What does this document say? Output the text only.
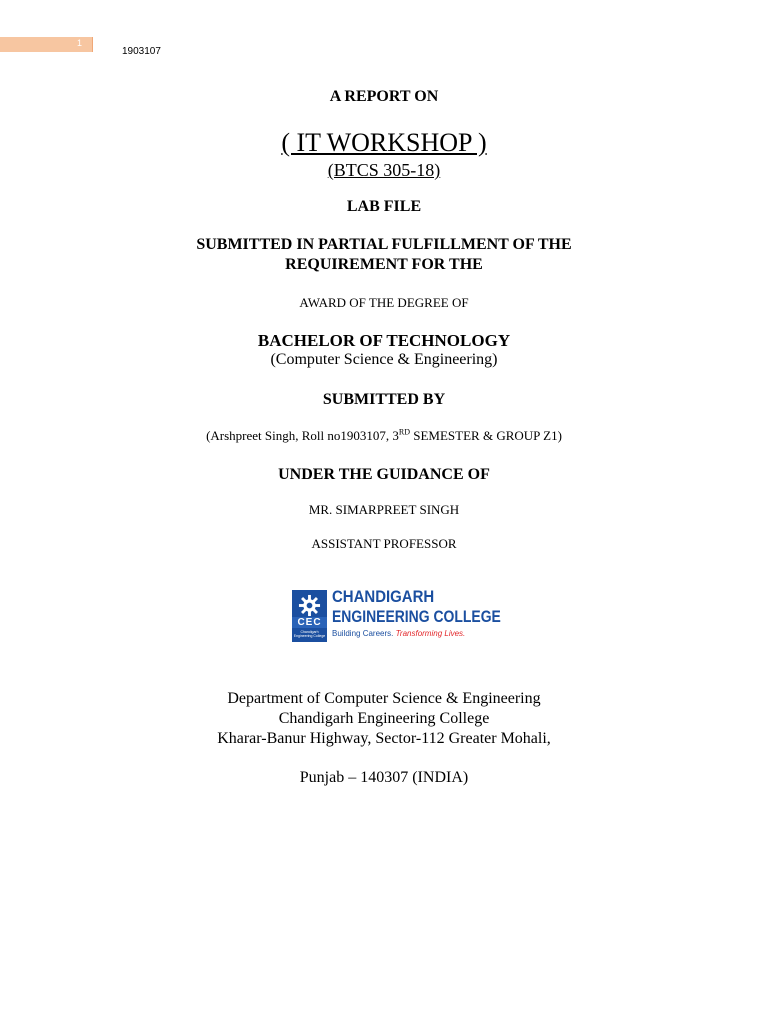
1
1903107
A REPORT ON
( IT WORKSHOP )
(BTCS 305-18)
LAB FILE
SUBMITTED IN PARTIAL FULFILLMENT OF THE
REQUIREMENT FOR THE
AWARD OF THE DEGREE OF
BACHELOR OF TECHNOLOGY
(Computer Science & Engineering)
SUBMITTED BY
(Arshpreet Singh, Roll no1903107, 3RD SEMESTER & GROUP Z1)
UNDER THE GUIDANCE OF
MR. SIMARPREET SINGH
ASSISTANT PROFESSOR
CEC
Chandigarh Engineering College
CHANDIGARH
ENGINEERING COLLEGE
Building Careers. Transforming Lives.
Department of Computer Science & Engineering
Chandigarh Engineering College
Kharar-Banur Highway, Sector-112 Greater Mohali,
Punjab – 140307 (INDIA)
